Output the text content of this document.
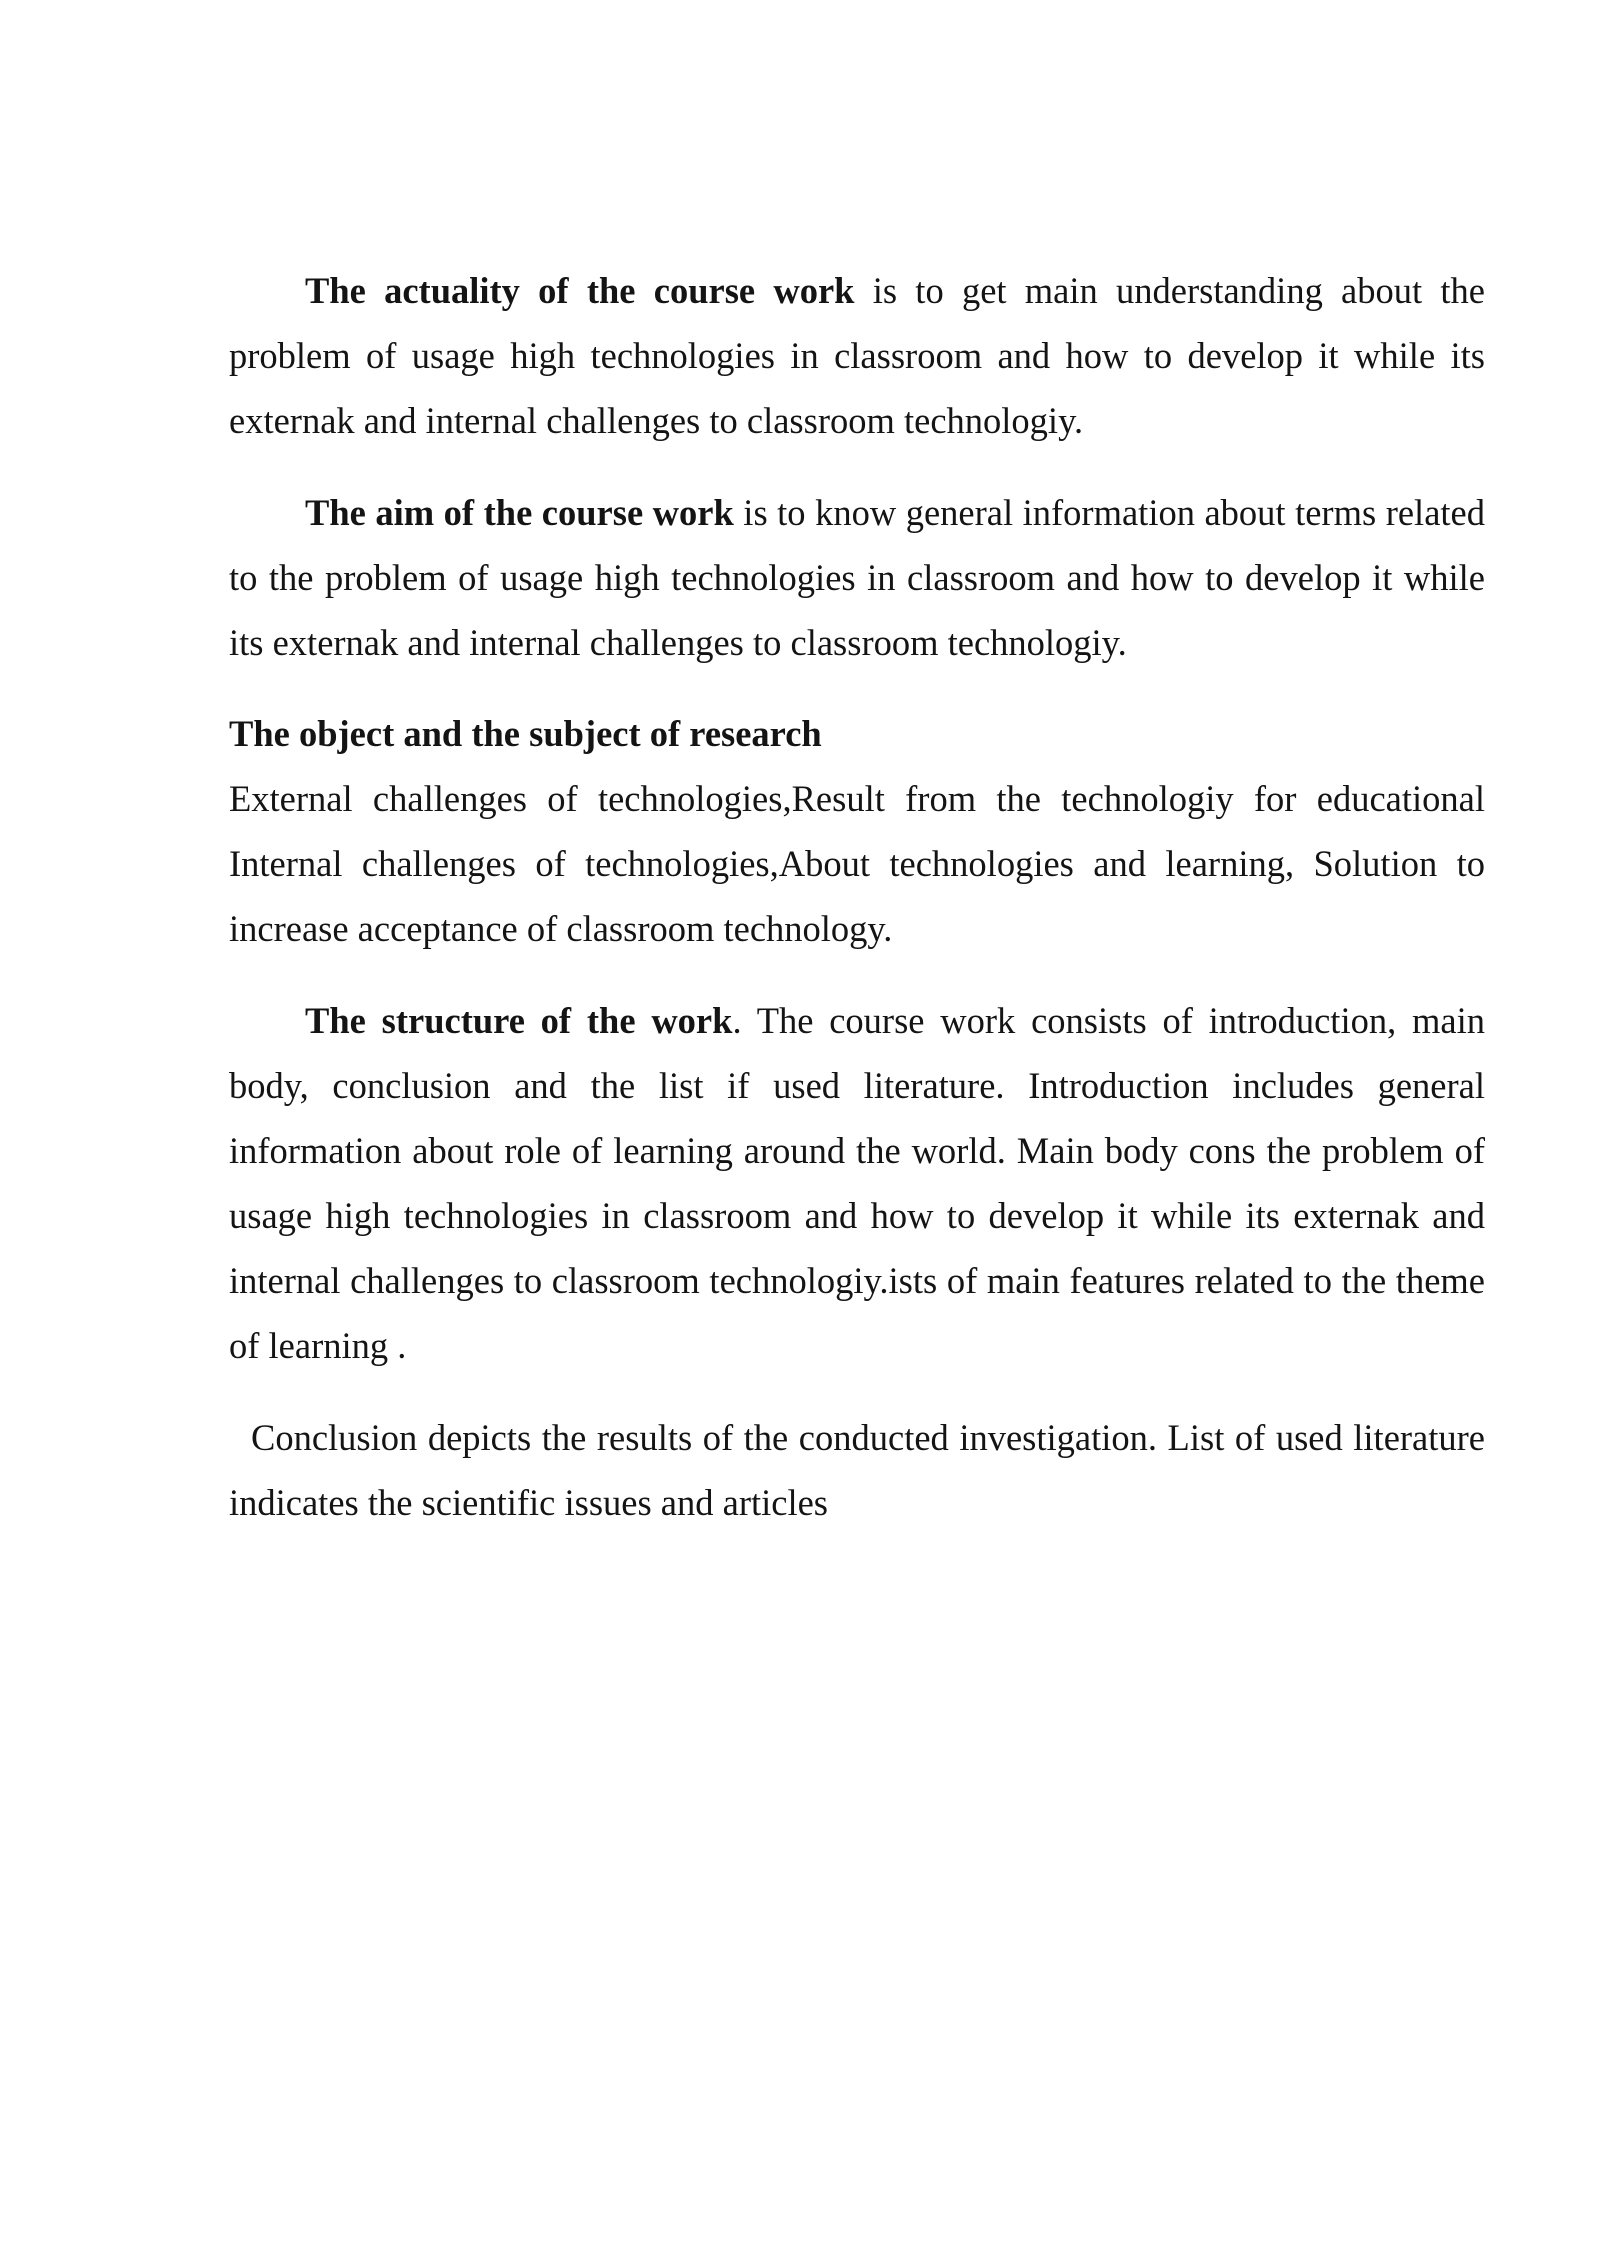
The actuality of the course work is to get main understanding about the problem of usage high technologies in classroom and how to develop it while its externak and internal challenges to classroom technologiy.

The aim of the course work is to know general information about terms related to the problem of usage high technologies in classroom and how to develop it while its externak and internal challenges to classroom technologiy.

The object and the subject of research

External challenges of technologies,Result from the technologiy for educational Internal challenges of technologies,About technologies and learning, Solution to increase acceptance of classroom technology.

The structure of the work. The course work consists of introduction, main body, conclusion and the list if used literature. Introduction includes general information about role of learning around the world. Main body cons the problem of usage high technologies in classroom and how to develop it while its externak and internal challenges to classroom technologiy.ists of main features related to the theme of learning .

Conclusion depicts the results of the conducted investigation. List of used literature indicates the scientific issues and articles
